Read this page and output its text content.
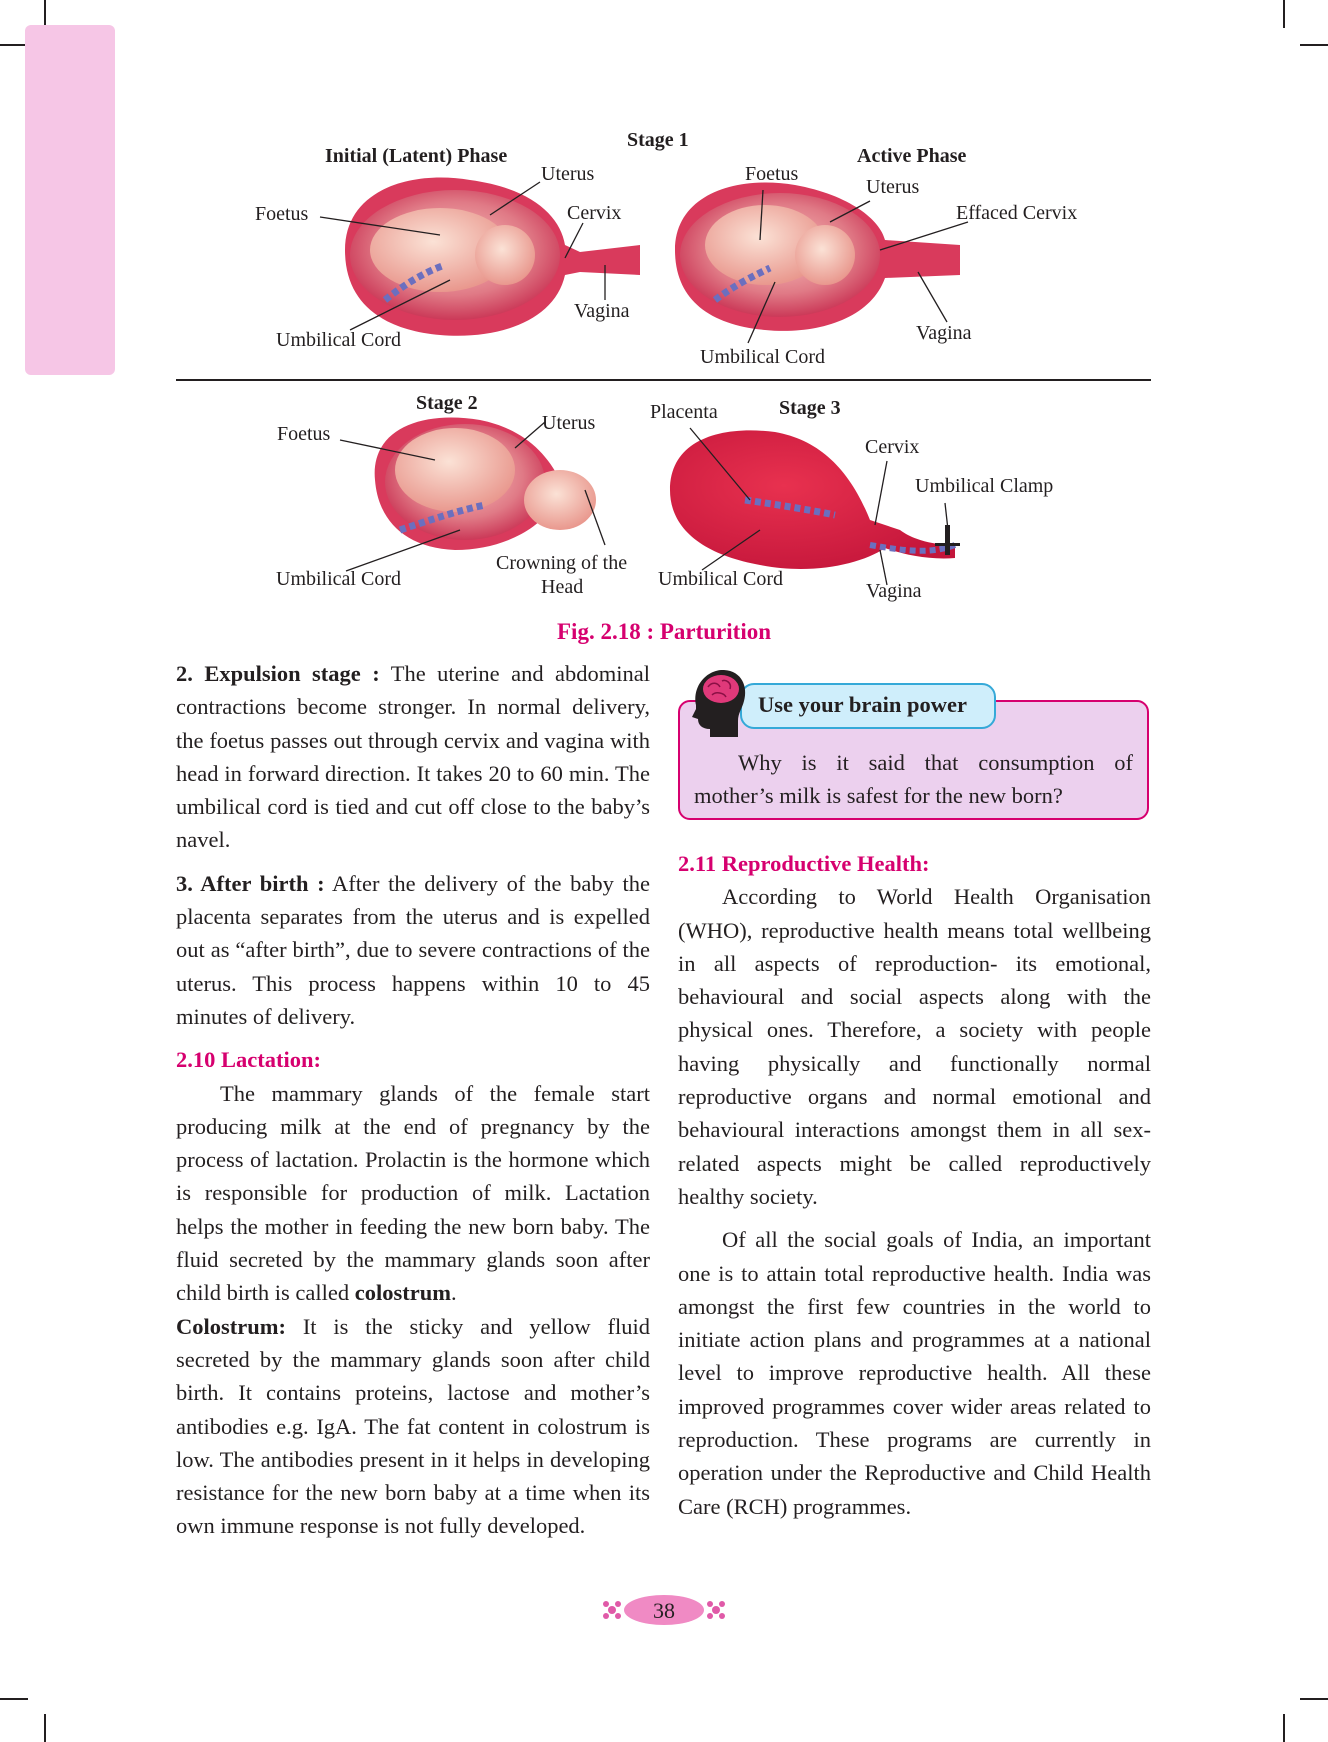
Stage 1
Initial (Latent) Phase	Active Phase
Foetus
Uterus
Cervix
Vagina
Umbilical Cord
Foetus
Uterus
Effaced Cervix
Vagina
Umbilical Cord
Stage 2	Stage 3
Foetus	Uterus
Umbilical Cord
Crowning of the
Head
Placenta
Cervix
Umbilical Clamp
Umbilical Cord
Vagina
Fig. 2.18 : Parturition

2. Expulsion stage : The uterine and abdominal contractions become stronger. In normal delivery, the foetus passes out through cervix and vagina with head in forward direction. It takes 20 to 60 min. The umbilical cord is tied and cut off close to the baby’s navel.

3. After birth : After the delivery of the baby the placenta separates from the uterus and is expelled out as “after birth”, due to severe contractions of the uterus. This process happens within 10 to 45 minutes of delivery.

2.10 Lactation:

The mammary glands of the female start producing milk at the end of pregnancy by the process of lactation. Prolactin is the hormone which is responsible for production of milk. Lactation helps the mother in feeding the new born baby. The fluid secreted by the mammary glands soon after child birth is called colostrum.

Colostrum: It is the sticky and yellow fluid secreted by the mammary glands soon after child birth. It contains proteins, lactose and mother’s antibodies e.g. IgA. The fat content in colostrum is low. The antibodies present in it helps in developing resistance for the new born baby at a time when its own immune response is not fully developed.

Why is it said that consumption of mother’s milk is safest for the new born?

Use your brain power

2.11 Reproductive Health:

According to World Health Organisation (WHO), reproductive health means total wellbeing in all aspects of reproduction- its emotional, behavioural and social aspects along with the physical ones. Therefore, a society with people having physically and functionally normal reproductive organs and normal emotional and behavioural interactions amongst them in all sex-related aspects might be called reproductively healthy society.

Of all the social goals of India, an important one is to attain total reproductive health. India was amongst the first few countries in the world to initiate action plans and programmes at a national level to improve reproductive health. All these improved programmes cover wider areas related to reproduction. These programs are currently in operation under the Reproductive and Child Health Care (RCH) programmes.

38
